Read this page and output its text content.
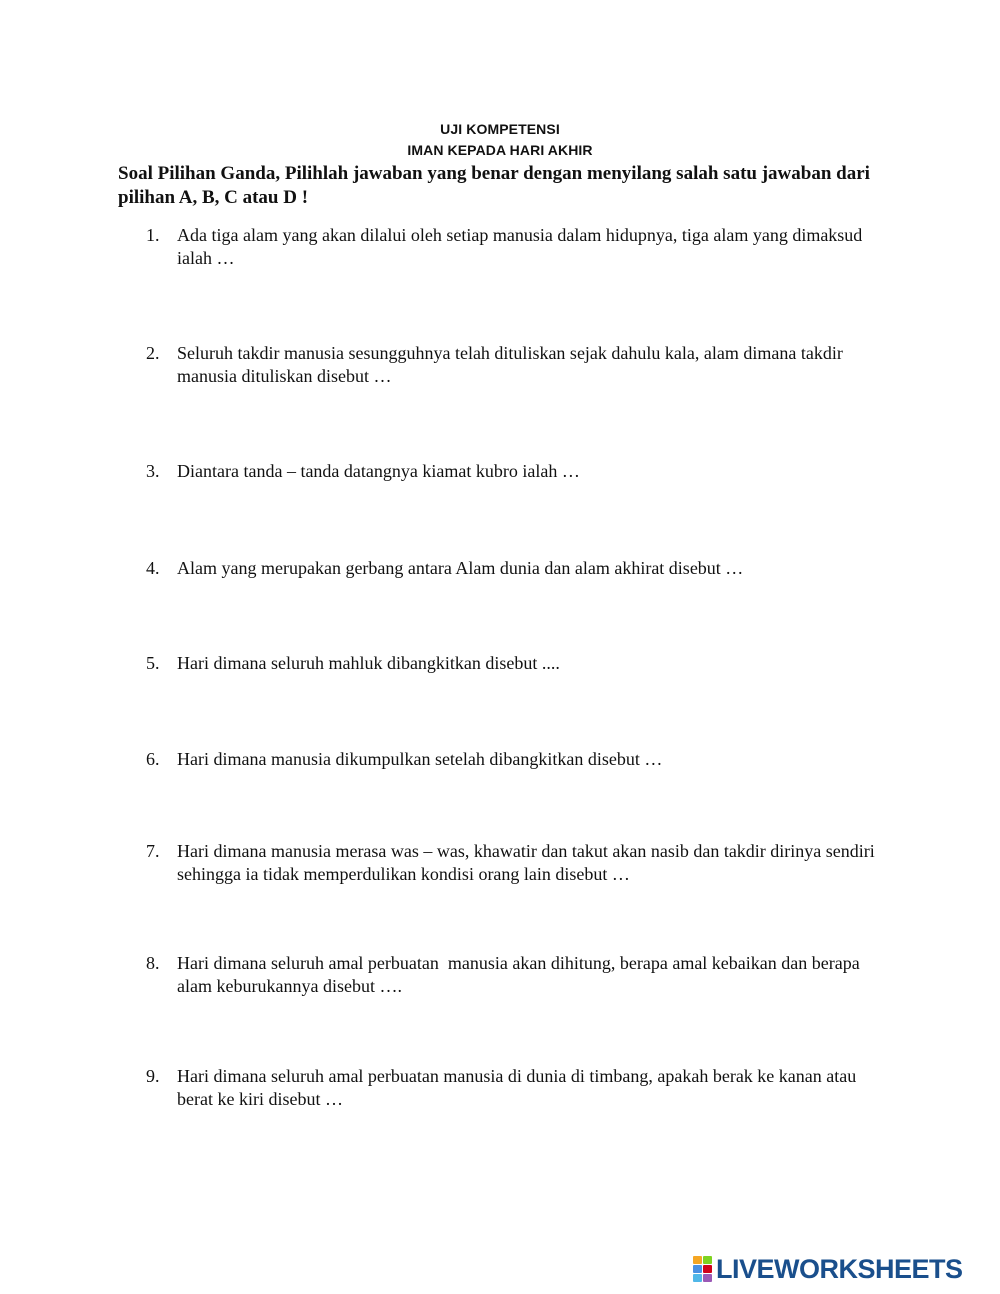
UJI KOMPETENSI
IMAN KEPADA HARI AKHIR
Soal Pilihan Ganda, Pilihlah jawaban yang benar dengan menyilang salah satu jawaban dari pilihan A, B, C atau D !
1. Ada tiga alam yang akan dilalui oleh setiap manusia dalam hidupnya, tiga alam yang dimaksud ialah …
2. Seluruh takdir manusia sesungguhnya telah dituliskan sejak dahulu kala, alam dimana takdir manusia dituliskan disebut …
3. Diantara tanda – tanda datangnya kiamat kubro ialah …
4. Alam yang merupakan gerbang antara Alam dunia dan alam akhirat disebut …
5. Hari dimana seluruh mahluk dibangkitkan disebut ....
6. Hari dimana manusia dikumpulkan setelah dibangkitkan disebut …
7. Hari dimana manusia merasa was – was, khawatir dan takut akan nasib dan takdir dirinya sendiri sehingga ia tidak memperdulikan kondisi orang lain disebut …
8. Hari dimana seluruh amal perbuatan  manusia akan dihitung, berapa amal kebaikan dan berapa alam keburukannya disebut ….
9. Hari dimana seluruh amal perbuatan manusia di dunia di timbang, apakah berak ke kanan atau berat ke kiri disebut …
LIVEWORKSHEETS
